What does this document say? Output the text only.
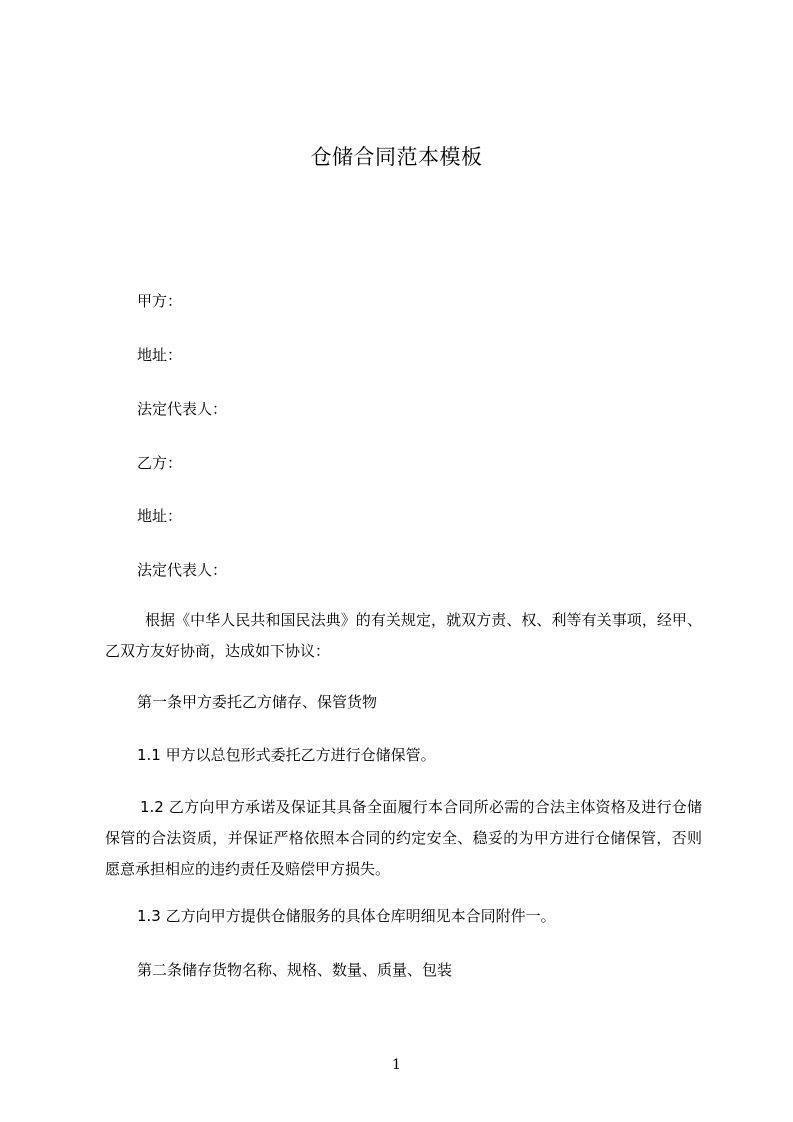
仓储合同范本模板
甲方：
地址：
法定代表人：
乙方：
地址：
法定代表人：
根据《中华人民共和国民法典》的有关规定，就双方责、权、利等有关事项，经甲、乙双方友好协商，达成如下协议：
第一条甲方委托乙方储存、保管货物
1.1 甲方以总包形式委托乙方进行仓储保管。
1.2 乙方向甲方承诺及保证其具备全面履行本合同所必需的合法主体资格及进行仓储保管的合法资质，并保证严格依照本合同的约定安全、稳妥的为甲方进行仓储保管，否则愿意承担相应的违约责任及赔偿甲方损失。
1.3 乙方向甲方提供仓储服务的具体仓库明细见本合同附件一。
第二条储存货物名称、规格、数量、质量、包装
1
